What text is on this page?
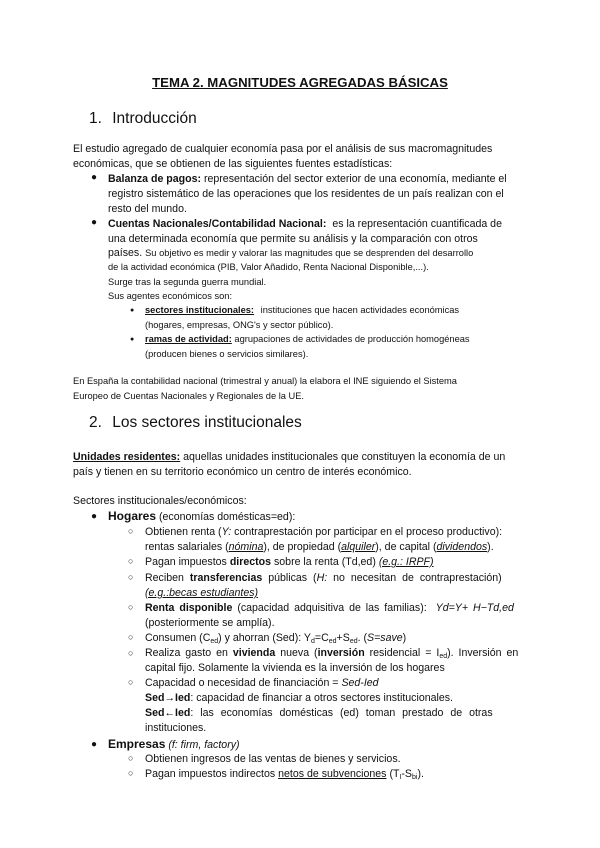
TEMA 2. MAGNITUDES AGREGADAS BÁSICAS
1. Introducción
El estudio agregado de cualquier economía pasa por el análisis de sus macromagnitudes
económicas, que se obtienen de las siguientes fuentes estadísticas:
● Balanza de pagos: representación del sector exterior de una economía, mediante el
registro sistemático de las operaciones que los residentes de un país realizan con el
resto del mundo.
● Cuentas Nacionales/Contabilidad Nacional: es la representación cuantificada de
una determinada economía que permite su análisis y la comparación con otros
países. Su objetivo es medir y valorar las magnitudes que se desprenden del desarrollo
de la actividad económica (PIB, Valor Añadido, Renta Nacional Disponible,...).
Surge tras la segunda guerra mundial.
Sus agentes económicos son:
● sectores institucionales: instituciones que hacen actividades económicas
(hogares, empresas, ONG's y sector público).
● ramas de actividad: agrupaciones de actividades de producción homogéneas
(producen bienes o servicios similares).
En España la contabilidad nacional (trimestral y anual) la elabora el INE siguiendo el Sistema
Europeo de Cuentas Nacionales y Regionales de la UE.
2. Los sectores institucionales
Unidades residentes: aquellas unidades institucionales que constituyen la economía de un
país y tienen en su territorio económico un centro de interés económico.
Sectores institucionales/económicos:
● Hogares (economías domésticas=ed):
○ Obtienen renta (Y: contraprestación por participar en el proceso productivo):
rentas salariales (nómina), de propiedad (alquiler), de capital (dividendos).
○ Pagan impuestos directos sobre la renta (Td,ed) (e.g.: IRPF)
○ Reciben transferencias públicas (H: no necesitan de contraprestación)
(e.g.:becas estudiantes)
○ Renta disponible (capacidad adquisitiva de las familias): Yd=Y+ H−Td,ed
(posteriormente se amplía).
○ Consumen $(C_{ed})$ y ahorran (Sed): $Y_d=C_{ed}+S_{ed}$. (S=save)
○ Realiza gasto en vivienda nueva (inversión residencial = $I_{ed}$). Inversión en
capital fijo. Solamente la vivienda es la inversión de los hogares
○ Capacidad o necesidad de financiación = Sed-Ied
Sed→Ied: capacidad de financiar a otros sectores institucionales.
Sed←Ied: las economías domésticas (ed) toman prestado de otras
instituciones.
● Empresas (f: firm, factory)
○ Obtienen ingresos de las ventas de bienes y servicios.
○ Pagan impuestos indirectos netos de subvenciones $(T_I-S_{bi})$.
